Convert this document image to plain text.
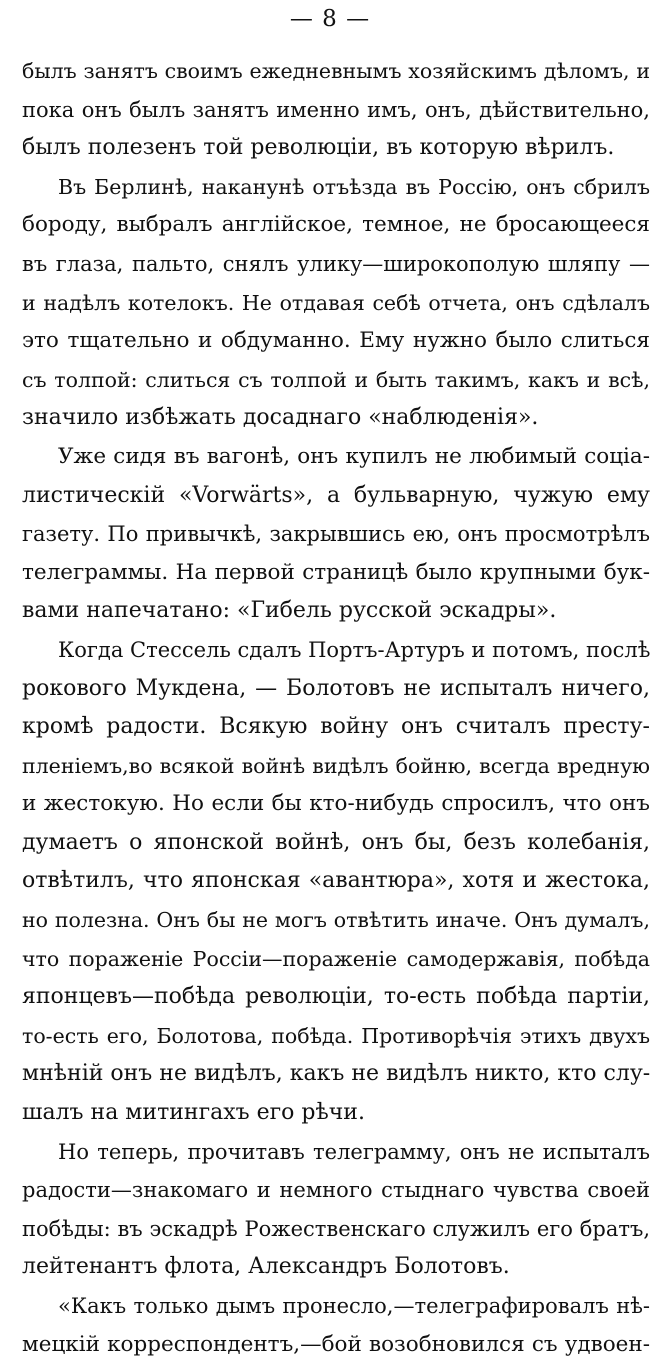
— 8 —
былъ занятъ своимъ ежедневнымъ хозяйскимъ дѣломъ, и
пока онъ былъ занятъ именно имъ, онъ, дѣйствительно,
былъ полезенъ той революціи, въ которую вѣрилъ.
Въ Берлинѣ, наканунѣ отъѣзда въ Россію, онъ сбрилъ
бороду, выбралъ англійское, темное, не бросающееся
въ глаза, пальто, снялъ улику—широкополую шляпу —
и надѣлъ котелокъ. Не отдавая себѣ отчета, онъ сдѣлалъ
это тщательно и обдуманно. Ему нужно было слиться
съ толпой: слиться съ толпой и быть такимъ, какъ и всѣ,
значило избѣжать досаднаго «наблюденія».
Уже сидя въ вагонѣ, онъ купилъ не любимый соціа-
листическій «Vorwärts», а бульварную, чужую ему
газету. По привычкѣ, закрывшись ею, онъ просмотрѣлъ
телеграммы. На первой страницѣ было крупными бук-
вами напечатано: «Гибель русской эскадры».
Когда Стессель сдалъ Портъ-Артуръ и потомъ, послѣ
рокового Мукдена, — Болотовъ не испыталъ ничего,
кромѣ радости. Всякую войну онъ считалъ престу-
пленіемъ,во всякой войнѣ видѣлъ бойню, всегда вредную
и жестокую. Но если бы кто-нибудь спросилъ, что онъ
думаетъ о японской войнѣ, онъ бы, безъ колебанія,
отвѣтилъ, что японская «авантюра», хотя и жестока,
но полезна. Онъ бы не могъ отвѣтить иначе. Онъ думалъ,
что пораженіе Россіи—пораженіе самодержавія, побѣда
японцевъ—побѣда революціи, то-есть побѣда партіи,
то-есть его, Болотова, побѣда. Противорѣчія этихъ двухъ
мнѣній онъ не видѣлъ, какъ не видѣлъ никто, кто слу-
шалъ на митингахъ его рѣчи.
Но теперь, прочитавъ телеграмму, онъ не испыталъ
радости—знакомаго и немного стыднаго чувства своей
побѣды: въ эскадрѣ Рожественскаго служилъ его братъ,
лейтенантъ флота, Александръ Болотовъ.
«Какъ только дымъ пронесло,—телеграфировалъ нѣ-
мецкій корреспондентъ,—бой возобновился съ удвоен-
